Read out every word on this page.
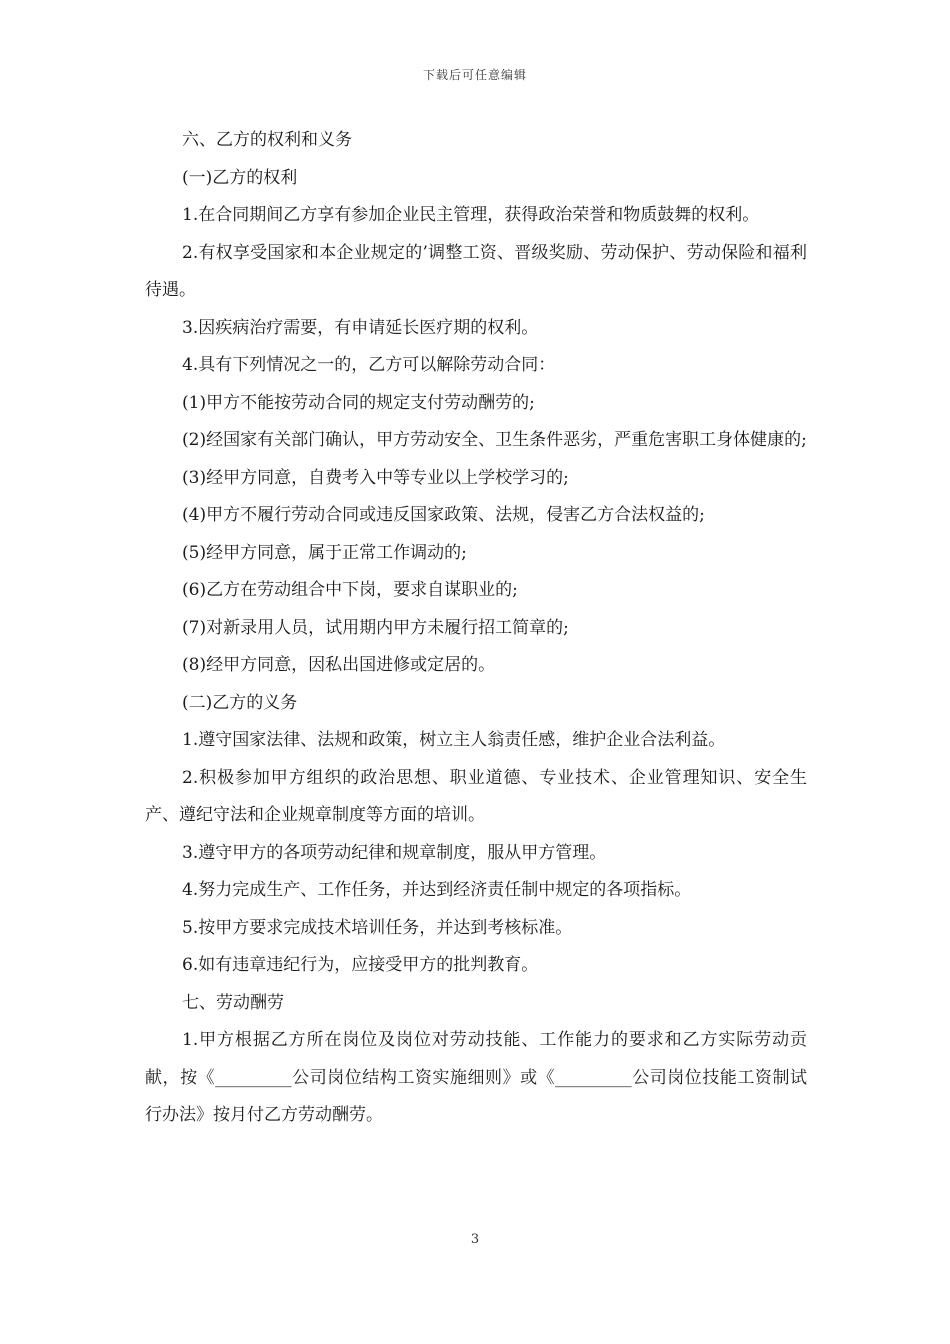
下载后可任意编辑

六、乙方的权利和义务

(一)乙方的权利

1.在合同期间乙方享有参加企业民主管理，获得政治荣誉和物质鼓舞的权利。

2.有权享受国家和本企业规定的’调整工资、晋级奖励、劳动保护、劳动保险和福利待遇。

3.因疾病治疗需要，有申请延长医疗期的权利。

4.具有下列情况之一的，乙方可以解除劳动合同：

(1)甲方不能按劳动合同的规定支付劳动酬劳的;

(2)经国家有关部门确认，甲方劳动安全、卫生条件恶劣，严重危害职工身体健康的;

(3)经甲方同意，自费考入中等专业以上学校学习的;

(4)甲方不履行劳动合同或违反国家政策、法规，侵害乙方合法权益的;

(5)经甲方同意，属于正常工作调动的;

(6)乙方在劳动组合中下岗，要求自谋职业的;

(7)对新录用人员，试用期内甲方未履行招工简章的;

(8)经甲方同意，因私出国进修或定居的。

(二)乙方的义务

1.遵守国家法律、法规和政策，树立主人翁责任感，维护企业合法利益。

2.积极参加甲方组织的政治思想、职业道德、专业技术、企业管理知识、安全生产、遵纪守法和企业规章制度等方面的培训。

3.遵守甲方的各项劳动纪律和规章制度，服从甲方管理。

4.努力完成生产、工作任务，并达到经济责任制中规定的各项指标。

5.按甲方要求完成技术培训任务，并达到考核标准。

6.如有违章违纪行为，应接受甲方的批判教育。

七、劳动酬劳

1.甲方根据乙方所在岗位及岗位对劳动技能、工作能力的要求和乙方实际劳动贡献，按《_________公司岗位结构工资实施细则》或《_________公司岗位技能工资制试行办法》按月付乙方劳动酬劳。

3
